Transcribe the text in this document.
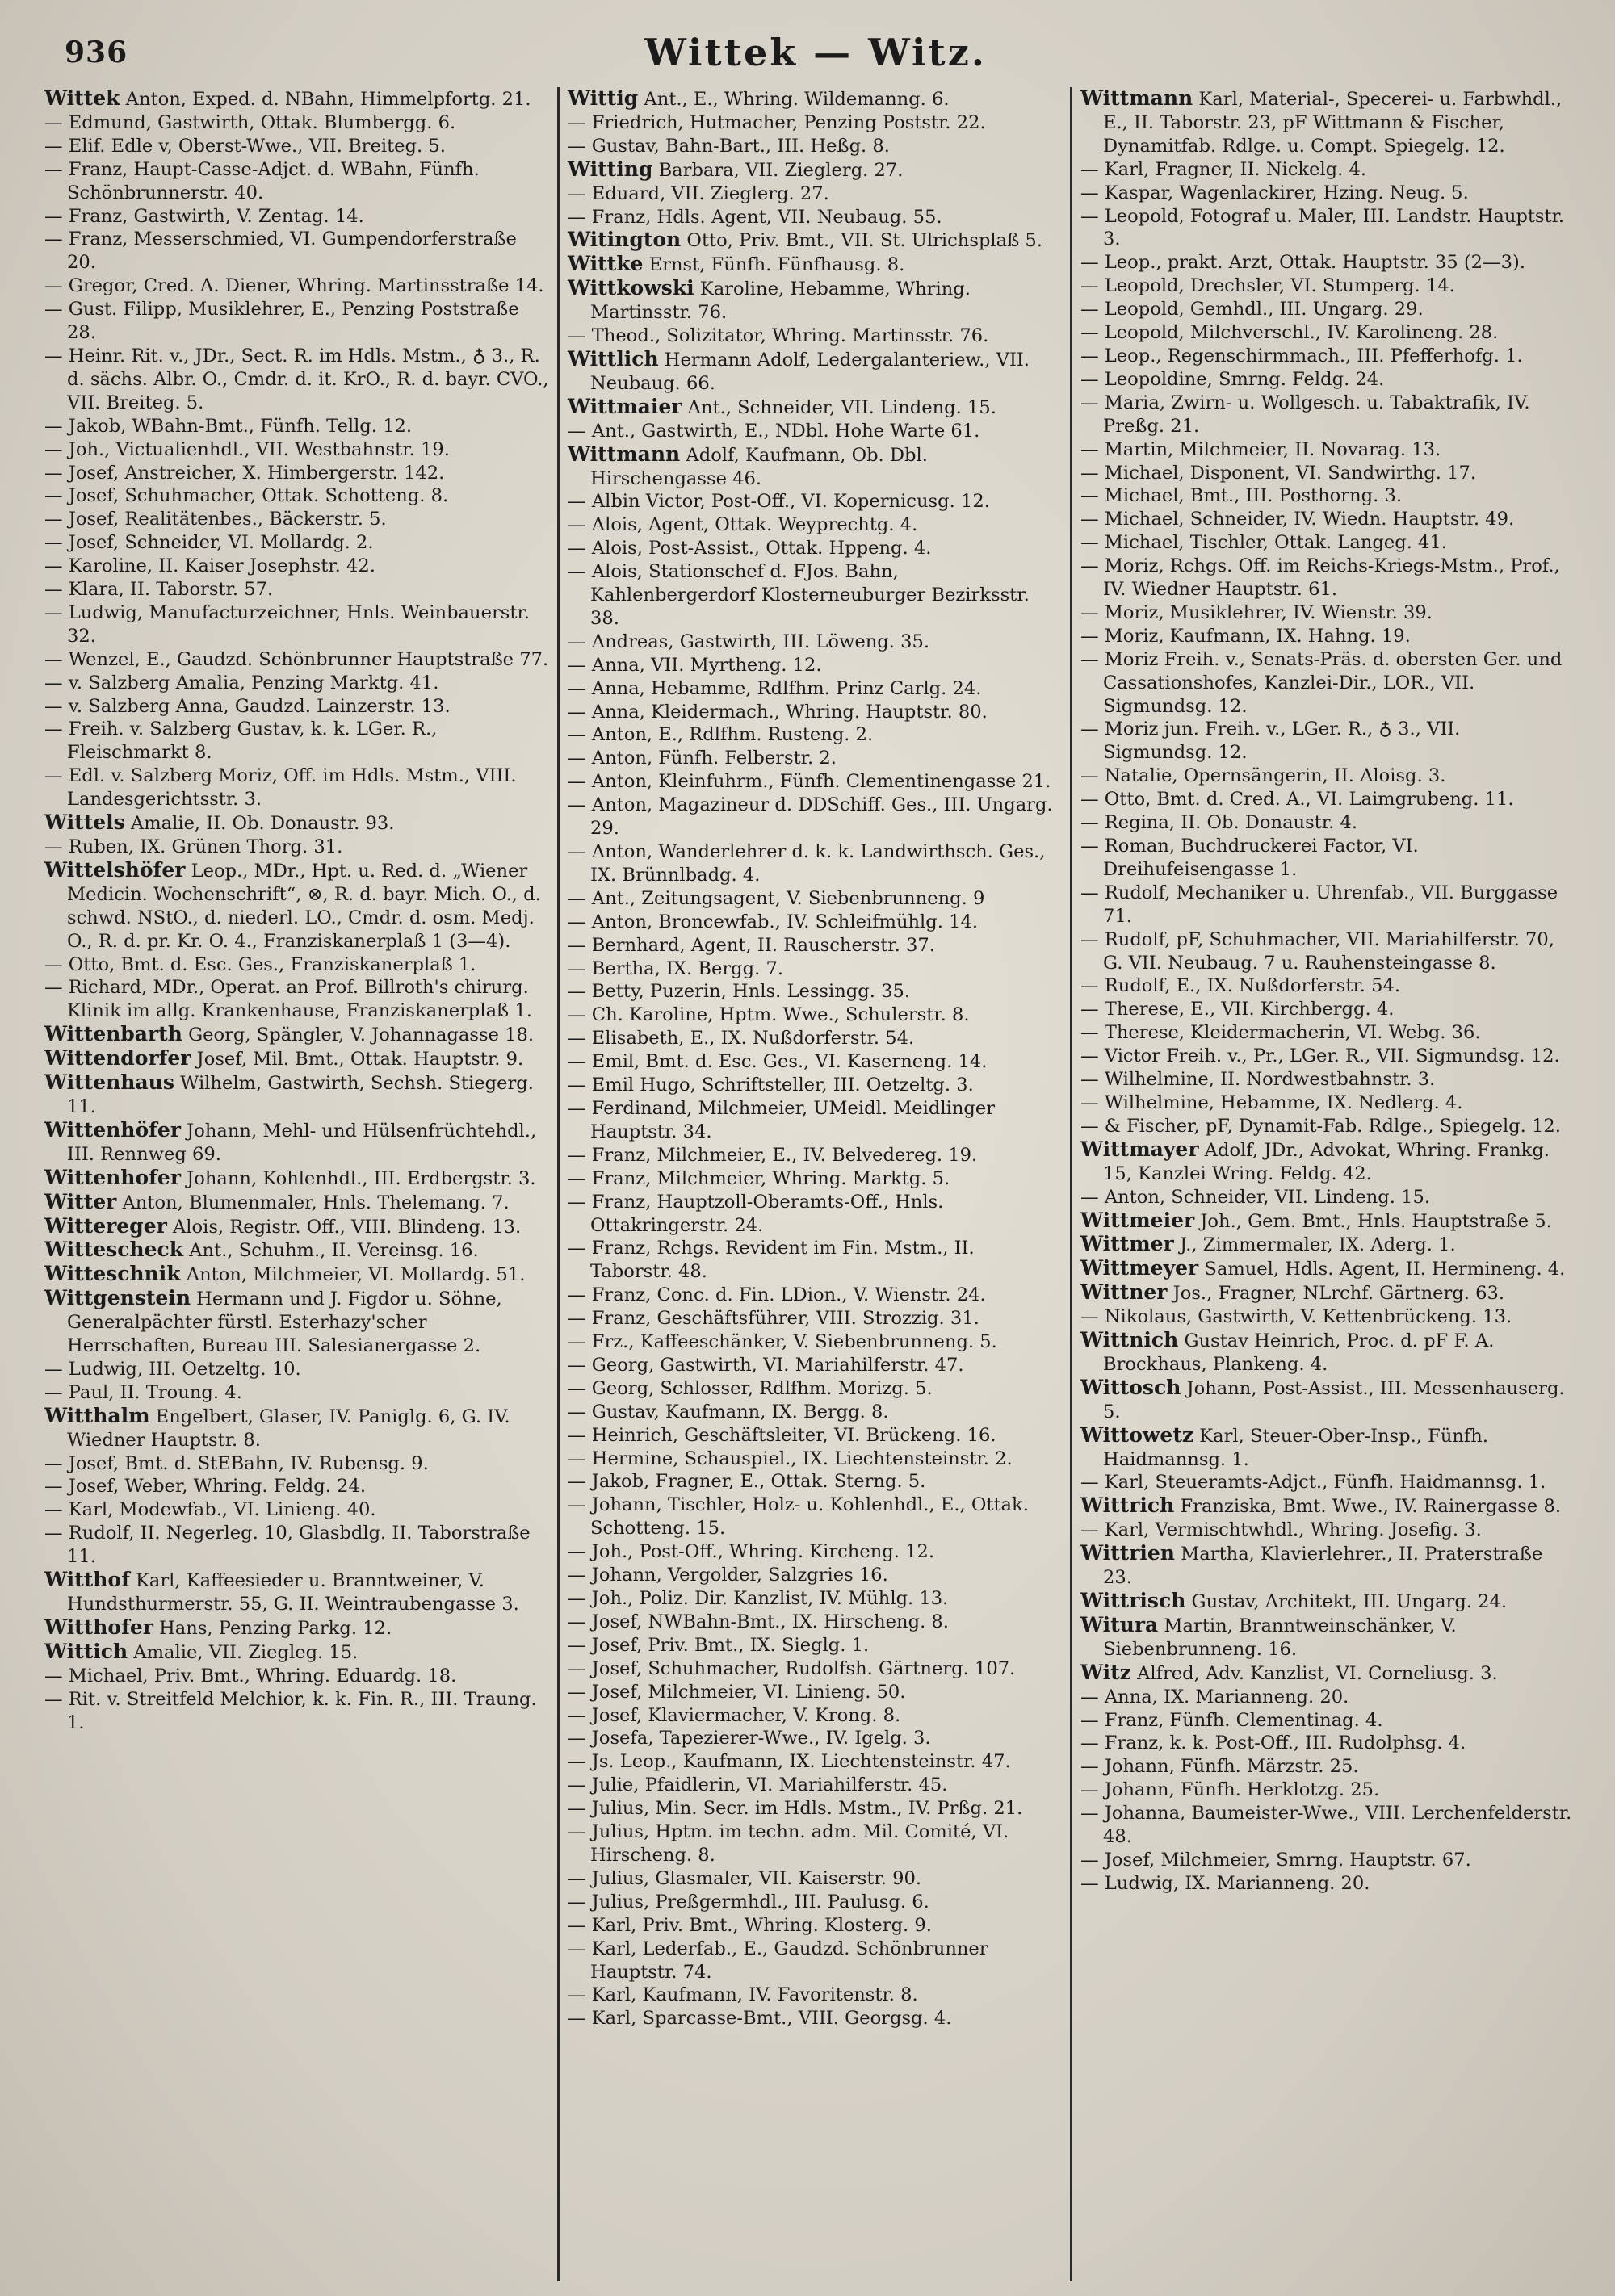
936	Wittek — Witz.

Wittek Anton, Exped. d. NBahn, Himmelpfortg. 21.

— Edmund, Gastwirth, Ottak. Blumbergg. 6.

— Elif. Edle v, Oberst-Wwe., VII. Breiteg. 5.

— Franz, Haupt-Casse-Adjct. d. WBahn, Fünfh. Schönbrunnerstr. 40.

— Franz, Gastwirth, V. Zentag. 14.

— Franz, Messerschmied, VI. Gumpendorferstraße 20.

— Gregor, Cred. A. Diener, Whring. Martinsstraße 14.

— Gust. Filipp, Musiklehrer, E., Penzing Poststraße 28.

— Heinr. Rit. v., JDr., Sect. R. im Hdls. Mstm., ♁ 3., R. d. sächs. Albr. O., Cmdr. d. it. KrO., R. d. bayr. CVO., VII. Breiteg. 5.

— Jakob, WBahn-Bmt., Fünfh. Tellg. 12.

— Joh., Victualienhdl., VII. Westbahnstr. 19.

— Josef, Anstreicher, X. Himbergerstr. 142.

— Josef, Schuhmacher, Ottak. Schotteng. 8.

— Josef, Realitätenbes., Bäckerstr. 5.

— Josef, Schneider, VI. Mollardg. 2.

— Karoline, II. Kaiser Josephstr. 42.

— Klara, II. Taborstr. 57.

— Ludwig, Manufacturzeichner, Hnls. Weinbauerstr. 32.

— Wenzel, E., Gaudzd. Schönbrunner Hauptstraße 77.

— v. Salzberg Amalia, Penzing Marktg. 41.

— v. Salzberg Anna, Gaudzd. Lainzerstr. 13.

— Freih. v. Salzberg Gustav, k. k. LGer. R., Fleischmarkt 8.

— Edl. v. Salzberg Moriz, Off. im Hdls. Mstm., VIII. Landesgerichtsstr. 3.

Wittels Amalie, II. Ob. Donaustr. 93.

— Ruben, IX. Grünen Thorg. 31.

Wittelshöfer Leop., MDr., Hpt. u. Red. d. „Wiener Medicin. Wochenschrift“, ⊗, R. d. bayr. Mich. O., d. schwd. NStO., d. niederl. LO., Cmdr. d. osm. Medj. O., R. d. pr. Kr. O. 4., Franziskanerplaß 1 (3—4).

— Otto, Bmt. d. Esc. Ges., Franziskanerplaß 1.

— Richard, MDr., Operat. an Prof. Billroth's chirurg. Klinik im allg. Krankenhause, Franziskanerplaß 1.

Wittenbarth Georg, Spängler, V. Johannagasse 18.

Wittendorfer Josef, Mil. Bmt., Ottak. Hauptstr. 9.

Wittenhaus Wilhelm, Gastwirth, Sechsh. Stiegerg. 11.

Wittenhöfer Johann, Mehl- und Hülsenfrüchtehdl., III. Rennweg 69.

Wittenhofer Johann, Kohlenhdl., III. Erdbergstr. 3.

Witter Anton, Blumenmaler, Hnls. Thelemang. 7.

Wittereger Alois, Registr. Off., VIII. Blindeng. 13.

Wittescheck Ant., Schuhm., II. Vereinsg. 16.

Witteschnik Anton, Milchmeier, VI. Mollardg. 51.

Wittgenstein Hermann und J. Figdor u. Söhne, Generalpächter fürstl. Esterhazy'scher Herrschaften, Bureau III. Salesianergasse 2.

— Ludwig, III. Oetzeltg. 10.

— Paul, II. Troung. 4.

Witthalm Engelbert, Glaser, IV. Paniglg. 6, G. IV. Wiedner Hauptstr. 8.

— Josef, Bmt. d. StEBahn, IV. Rubensg. 9.

— Josef, Weber, Whring. Feldg. 24.

— Karl, Modewfab., VI. Linieng. 40.

— Rudolf, II. Negerleg. 10, Glasbdlg. II. Taborstraße 11.

Witthof Karl, Kaffeesieder u. Branntweiner, V. Hundsthurmerstr. 55, G. II. Weintraubengasse 3.

Witthofer Hans, Penzing Parkg. 12.

Wittich Amalie, VII. Ziegleg. 15.

— Michael, Priv. Bmt., Whring. Eduardg. 18.

— Rit. v. Streitfeld Melchior, k. k. Fin. R., III. Traung. 1.

Wittig Ant., E., Whring. Wildemanng. 6.

— Friedrich, Hutmacher, Penzing Poststr. 22.

— Gustav, Bahn-Bart., III. Heßg. 8.

Witting Barbara, VII. Zieglerg. 27.

— Eduard, VII. Zieglerg. 27.

— Franz, Hdls. Agent, VII. Neubaug. 55.

Witington Otto, Priv. Bmt., VII. St. Ulrichsplaß 5.

Wittke Ernst, Fünfh. Fünfhausg. 8.

Wittkowski Karoline, Hebamme, Whring. Martinsstr. 76.

— Theod., Solizitator, Whring. Martinsstr. 76.

Wittlich Hermann Adolf, Ledergalanteriew., VII. Neubaug. 66.

Wittmaier Ant., Schneider, VII. Lindeng. 15.

— Ant., Gastwirth, E., NDbl. Hohe Warte 61.

Wittmann Adolf, Kaufmann, Ob. Dbl. Hirschengasse 46.

— Albin Victor, Post-Off., VI. Kopernicusg. 12.

— Alois, Agent, Ottak. Weyprechtg. 4.

— Alois, Post-Assist., Ottak. Hppeng. 4.

— Alois, Stationschef d. FJos. Bahn, Kahlenbergerdorf Klosterneuburger Bezirksstr. 38.

— Andreas, Gastwirth, III. Löweng. 35.

— Anna, VII. Myrtheng. 12.

— Anna, Hebamme, Rdlfhm. Prinz Carlg. 24.

— Anna, Kleidermach., Whring. Hauptstr. 80.

— Anton, E., Rdlfhm. Rusteng. 2.

— Anton, Fünfh. Felberstr. 2.

— Anton, Kleinfuhrm., Fünfh. Clementinengasse 21.

— Anton, Magazineur d. DDSchiff. Ges., III. Ungarg. 29.

— Anton, Wanderlehrer d. k. k. Landwirthsch. Ges., IX. Brünnlbadg. 4.

— Ant., Zeitungsagent, V. Siebenbrunneng. 9

— Anton, Broncewfab., IV. Schleifmühlg. 14.

— Bernhard, Agent, II. Rauscherstr. 37.

— Bertha, IX. Bergg. 7.

— Betty, Puzerin, Hnls. Lessingg. 35.

— Ch. Karoline, Hptm. Wwe., Schulerstr. 8.

— Elisabeth, E., IX. Nußdorferstr. 54.

— Emil, Bmt. d. Esc. Ges., VI. Kaserneng. 14.

— Emil Hugo, Schriftsteller, III. Oetzeltg. 3.

— Ferdinand, Milchmeier, UMeidl. Meidlinger Hauptstr. 34.

— Franz, Milchmeier, E., IV. Belvedereg. 19.

— Franz, Milchmeier, Whring. Marktg. 5.

— Franz, Hauptzoll-Oberamts-Off., Hnls. Ottakringerstr. 24.

— Franz, Rchgs. Revident im Fin. Mstm., II. Taborstr. 48.

— Franz, Conc. d. Fin. LDion., V. Wienstr. 24.

— Franz, Geschäftsführer, VIII. Strozzig. 31.

— Frz., Kaffeeschänker, V. Siebenbrunneng. 5.

— Georg, Gastwirth, VI. Mariahilferstr. 47.

— Georg, Schlosser, Rdlfhm. Morizg. 5.

— Gustav, Kaufmann, IX. Bergg. 8.

— Heinrich, Geschäftsleiter, VI. Brückeng. 16.

— Hermine, Schauspiel., IX. Liechtensteinstr. 2.

— Jakob, Fragner, E., Ottak. Sterng. 5.

— Johann, Tischler, Holz- u. Kohlenhdl., E., Ottak. Schotteng. 15.

— Joh., Post-Off., Whring. Kircheng. 12.

— Johann, Vergolder, Salzgries 16.

— Joh., Poliz. Dir. Kanzlist, IV. Mühlg. 13.

— Josef, NWBahn-Bmt., IX. Hirscheng. 8.

— Josef, Priv. Bmt., IX. Sieglg. 1.

— Josef, Schuhmacher, Rudolfsh. Gärtnerg. 107.

— Josef, Milchmeier, VI. Linieng. 50.

— Josef, Klaviermacher, V. Krong. 8.

— Josefa, Tapezierer-Wwe., IV. Igelg. 3.

— Js. Leop., Kaufmann, IX. Liechtensteinstr. 47.

— Julie, Pfaidlerin, VI. Mariahilferstr. 45.

— Julius, Min. Secr. im Hdls. Mstm., IV. Prßg. 21.

— Julius, Hptm. im techn. adm. Mil. Comité, VI. Hirscheng. 8.

— Julius, Glasmaler, VII. Kaiserstr. 90.

— Julius, Preßgermhdl., III. Paulusg. 6.

— Karl, Priv. Bmt., Whring. Klosterg. 9.

— Karl, Lederfab., E., Gaudzd. Schönbrunner Hauptstr. 74.

— Karl, Kaufmann, IV. Favoritenstr. 8.

— Karl, Sparcasse-Bmt., VIII. Georgsg. 4.

Wittmann Karl, Material-, Specerei- u. Farbwhdl., E., II. Taborstr. 23, pF Wittmann & Fischer, Dynamitfab. Rdlge. u. Compt. Spiegelg. 12.

— Karl, Fragner, II. Nickelg. 4.

— Kaspar, Wagenlackirer, Hzing. Neug. 5.

— Leopold, Fotograf u. Maler, III. Landstr. Hauptstr. 3.

— Leop., prakt. Arzt, Ottak. Hauptstr. 35 (2—3).

— Leopold, Drechsler, VI. Stumperg. 14.

— Leopold, Gemhdl., III. Ungarg. 29.

— Leopold, Milchverschl., IV. Karolineng. 28.

— Leop., Regenschirmmach., III. Pfefferhofg. 1.

— Leopoldine, Smrng. Feldg. 24.

— Maria, Zwirn- u. Wollgesch. u. Tabaktrafik, IV. Preßg. 21.

— Martin, Milchmeier, II. Novarag. 13.

— Michael, Disponent, VI. Sandwirthg. 17.

— Michael, Bmt., III. Posthorng. 3.

— Michael, Schneider, IV. Wiedn. Hauptstr. 49.

— Michael, Tischler, Ottak. Langeg. 41.

— Moriz, Rchgs. Off. im Reichs-Kriegs-Mstm., Prof., IV. Wiedner Hauptstr. 61.

— Moriz, Musiklehrer, IV. Wienstr. 39.

— Moriz, Kaufmann, IX. Hahng. 19.

— Moriz Freih. v., Senats-Präs. d. obersten Ger. und Cassationshofes, Kanzlei-Dir., LOR., VII. Sigmundsg. 12.

— Moriz jun. Freih. v., LGer. R., ♁ 3., VII. Sigmundsg. 12.

— Natalie, Opernsängerin, II. Aloisg. 3.

— Otto, Bmt. d. Cred. A., VI. Laimgrubeng. 11.

— Regina, II. Ob. Donaustr. 4.

— Roman, Buchdruckerei Factor, VI. Dreihufeisengasse 1.

— Rudolf, Mechaniker u. Uhrenfab., VII. Burggasse 71.

— Rudolf, pF, Schuhmacher, VII. Mariahilferstr. 70, G. VII. Neubaug. 7 u. Rauhensteingasse 8.

— Rudolf, E., IX. Nußdorferstr. 54.

— Therese, E., VII. Kirchbergg. 4.

— Therese, Kleidermacherin, VI. Webg. 36.

— Victor Freih. v., Pr., LGer. R., VII. Sigmundsg. 12.

— Wilhelmine, II. Nordwestbahnstr. 3.

— Wilhelmine, Hebamme, IX. Nedlerg. 4.

— & Fischer, pF, Dynamit-Fab. Rdlge., Spiegelg. 12.

Wittmayer Adolf, JDr., Advokat, Whring. Frankg. 15, Kanzlei Wring. Feldg. 42.

— Anton, Schneider, VII. Lindeng. 15.

Wittmeier Joh., Gem. Bmt., Hnls. Hauptstraße 5.

Wittmer J., Zimmermaler, IX. Aderg. 1.

Wittmeyer Samuel, Hdls. Agent, II. Hermineng. 4.

Wittner Jos., Fragner, NLrchf. Gärtnerg. 63.

— Nikolaus, Gastwirth, V. Kettenbrückeng. 13.

Wittnich Gustav Heinrich, Proc. d. pF F. A. Brockhaus, Plankeng. 4.

Wittosch Johann, Post-Assist., III. Messenhauserg. 5.

Wittowetz Karl, Steuer-Ober-Insp., Fünfh. Haidmannsg. 1.

— Karl, Steueramts-Adjct., Fünfh. Haidmannsg. 1.

Wittrich Franziska, Bmt. Wwe., IV. Rainergasse 8.

— Karl, Vermischtwhdl., Whring. Josefig. 3.

Wittrien Martha, Klavierlehrer., II. Praterstraße 23.

Wittrisch Gustav, Architekt, III. Ungarg. 24.

Witura Martin, Branntweinschänker, V. Siebenbrunneng. 16.

Witz Alfred, Adv. Kanzlist, VI. Corneliusg. 3.

— Anna, IX. Marianneng. 20.

— Franz, Fünfh. Clementinag. 4.

— Franz, k. k. Post-Off., III. Rudolphsg. 4.

— Johann, Fünfh. Märzstr. 25.

— Johann, Fünfh. Herklotzg. 25.

— Johanna, Baumeister-Wwe., VIII. Lerchenfelderstr. 48.

— Josef, Milchmeier, Smrng. Hauptstr. 67.

— Ludwig, IX. Marianneng. 20.
